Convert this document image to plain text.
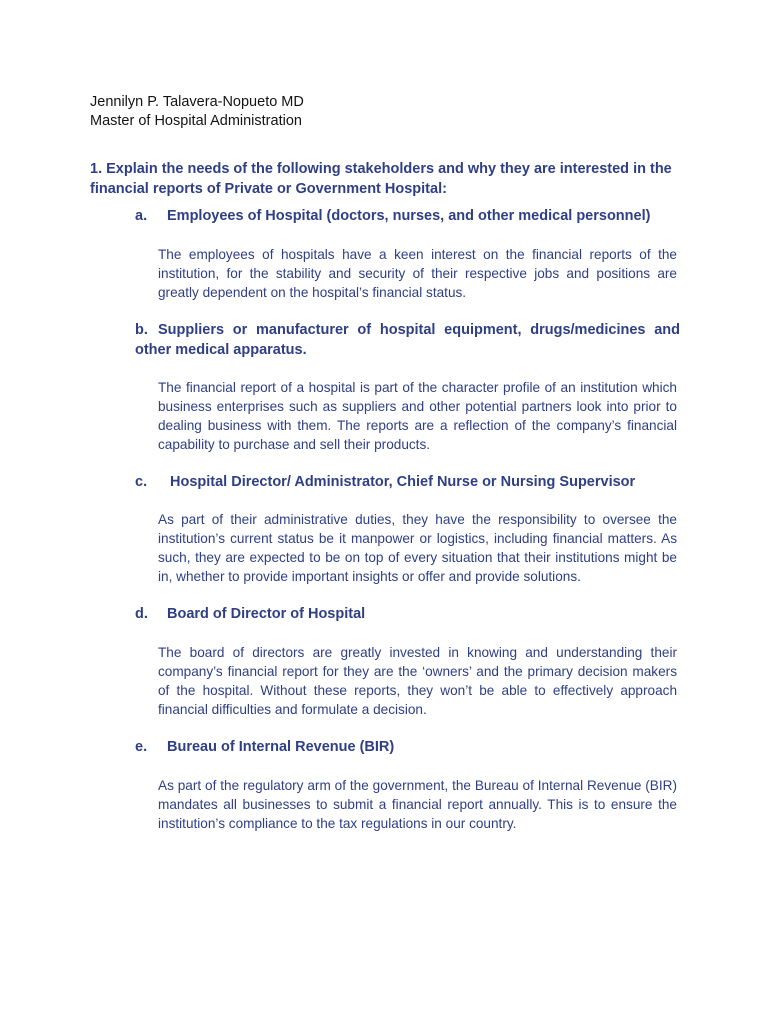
Jennilyn P. Talavera-Nopueto MD
Master of Hospital Administration
1. Explain the needs of the following stakeholders and why they are interested in the financial reports of Private or Government Hospital:
a. Employees of Hospital (doctors, nurses, and other medical personnel)
The employees of hospitals have a keen interest on the financial reports of the institution, for the stability and security of their respective jobs and positions are greatly dependent on the hospital’s financial status.
b. Suppliers or manufacturer of hospital equipment, drugs/medicines and other medical apparatus.
The financial report of a hospital is part of the character profile of an institution which business enterprises such as suppliers and other potential partners look into prior to dealing business with them. The reports are a reflection of the company’s financial capability to purchase and sell their products.
c. Hospital Director/ Administrator, Chief Nurse or Nursing Supervisor
As part of their administrative duties, they have the responsibility to oversee the institution’s current status be it manpower or logistics, including financial matters. As such, they are expected to be on top of every situation that their institutions might be in, whether to provide important insights or offer and provide solutions.
d. Board of Director of Hospital
The board of directors are greatly invested in knowing and understanding their company’s financial report for they are the ‘owners’ and the primary decision makers of the hospital. Without these reports, they won’t be able to effectively approach financial difficulties and formulate a decision.
e. Bureau of Internal Revenue (BIR)
As part of the regulatory arm of the government, the Bureau of Internal Revenue (BIR) mandates all businesses to submit a financial report annually. This is to ensure the institution’s compliance to the tax regulations in our country.
